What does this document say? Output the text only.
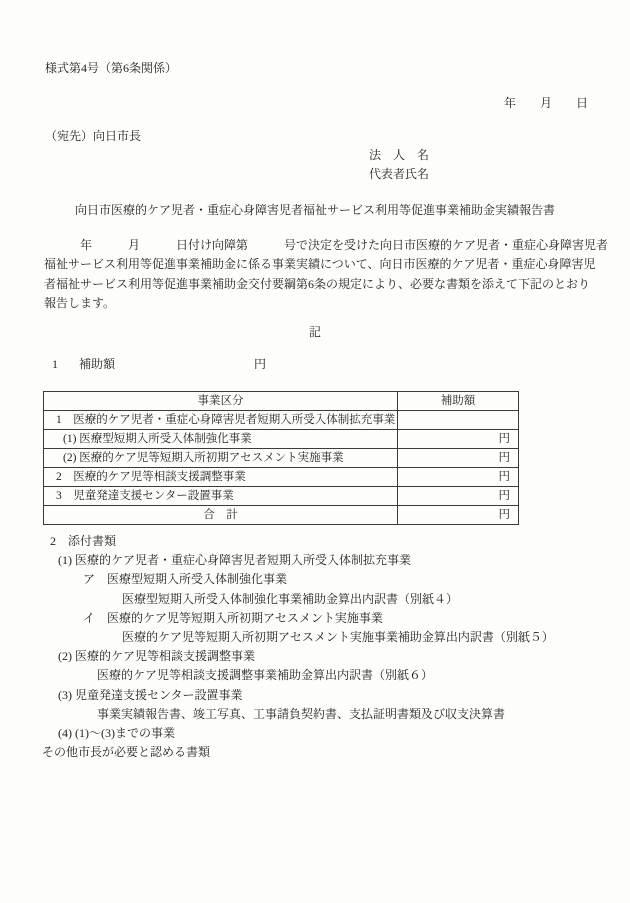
様式第4号（第6条関係）
年　　月　　日
（宛先）向日市長
法　人　名
代表者氏名
向日市医療的ケア児者・重症心身障害児者福祉サービス利用等促進事業補助金実績報告書
　　　年　　　月　　　日付け向障第　　　号で決定を受けた向日市医療的ケア児者・重症心身障害児者
福祉サービス利用等促進事業補助金に係る事業実績について、向日市医療的ケア児者・重症心身障害児
者福祉サービス利用等促進事業補助金交付要綱第6条の規定により、必要な書類を添えて下記のとおり
報告します。
記
1 補助額	円
事業区分	補助額
1　医療的ケア児者・重症心身障害児者短期入所受入体制拡充事業	
(1) 医療型短期入所受入体制強化事業	円
(2) 医療的ケア児等短期入所初期アセスメント実施事業	円
2　医療的ケア児等相談支援調整事業	円
3　児童発達支援センター設置事業	円
合　計	円
2　添付書類
(1) 医療的ケア児者・重症心身障害児者短期入所受入体制拡充事業
ア　医療型短期入所受入体制強化事業
医療型短期入所受入体制強化事業補助金算出内訳書（別紙４）
イ　医療的ケア児等短期入所初期アセスメント実施事業
医療的ケア児等短期入所初期アセスメント実施事業補助金算出内訳書（別紙５）
(2) 医療的ケア児等相談支援調整事業
医療的ケア児等相談支援調整事業補助金算出内訳書（別紙６）
(3) 児童発達支援センター設置事業
事業実績報告書、竣工写真、工事請負契約書、支払証明書類及び収支決算書
(4) (1)～(3)までの事業
その他市長が必要と認める書類
